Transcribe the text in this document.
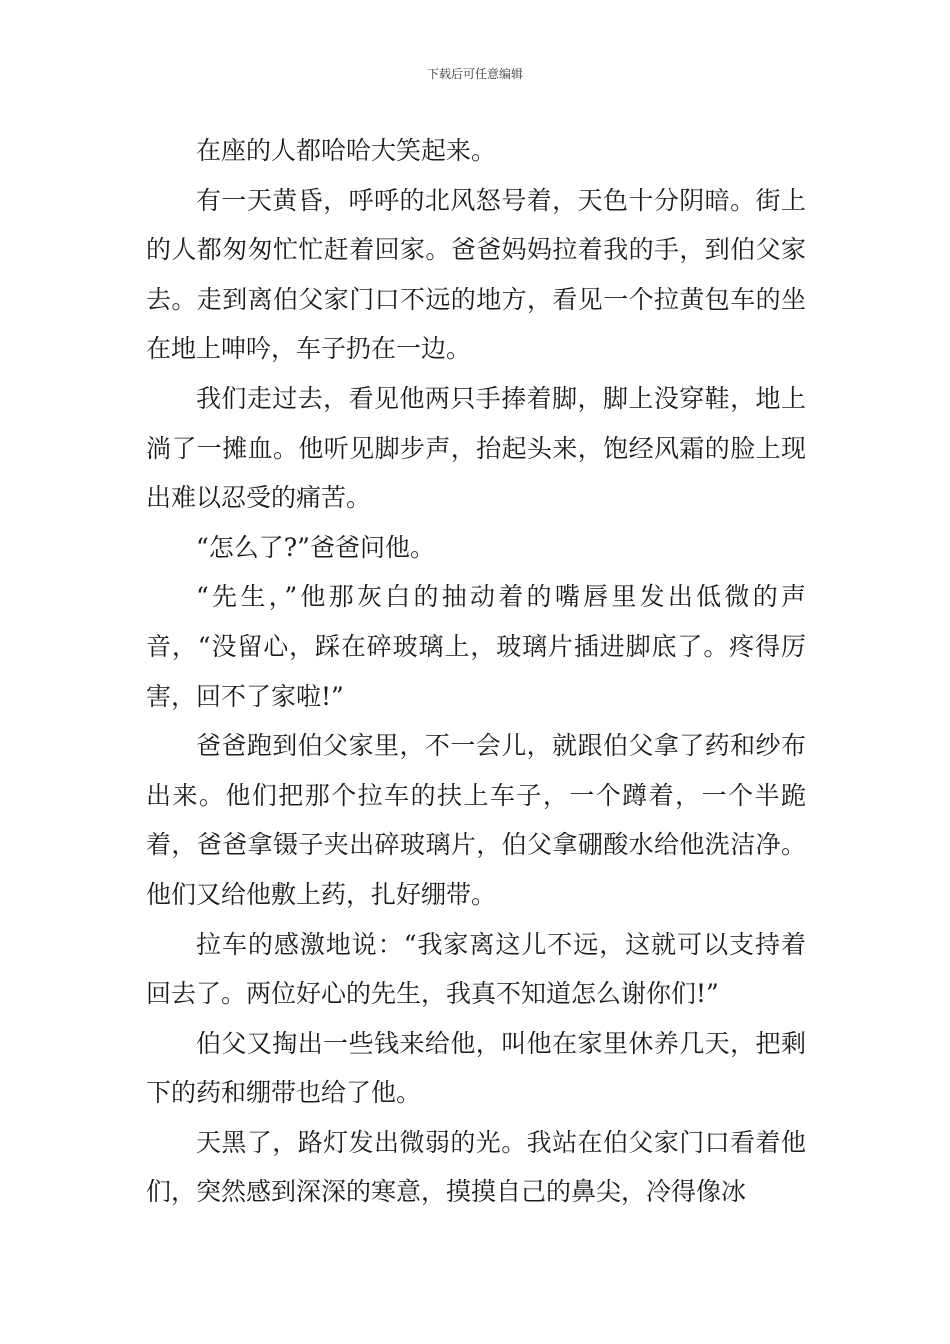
下载后可任意编辑

在座的人都哈哈大笑起来。

有一天黄昏，呼呼的北风怒号着，天色十分阴暗。街上的人都匆匆忙忙赶着回家。爸爸妈妈拉着我的手，到伯父家去。走到离伯父家门口不远的地方，看见一个拉黄包车的坐在地上呻吟，车子扔在一边。

我们走过去，看见他两只手捧着脚，脚上没穿鞋，地上淌了一摊血。他听见脚步声，抬起头来，饱经风霜的脸上现出难以忍受的痛苦。

“怎么了?”爸爸问他。

“先生，”他那灰白的抽动着的嘴唇里发出低微的声音，“没留心，踩在碎玻璃上，玻璃片插进脚底了。疼得厉害，回不了家啦!”

爸爸跑到伯父家里，不一会儿，就跟伯父拿了药和纱布出来。他们把那个拉车的扶上车子，一个蹲着，一个半跪着，爸爸拿镊子夹出碎玻璃片，伯父拿硼酸水给他洗洁净。他们又给他敷上药，扎好绷带。

拉车的感激地说：“我家离这儿不远，这就可以支持着回去了。两位好心的先生，我真不知道怎么谢你们!”

伯父又掏出一些钱来给他，叫他在家里休养几天，把剩下的药和绷带也给了他。

天黑了，路灯发出微弱的光。我站在伯父家门口看着他们，突然感到深深的寒意，摸摸自己的鼻尖，冷得像冰
